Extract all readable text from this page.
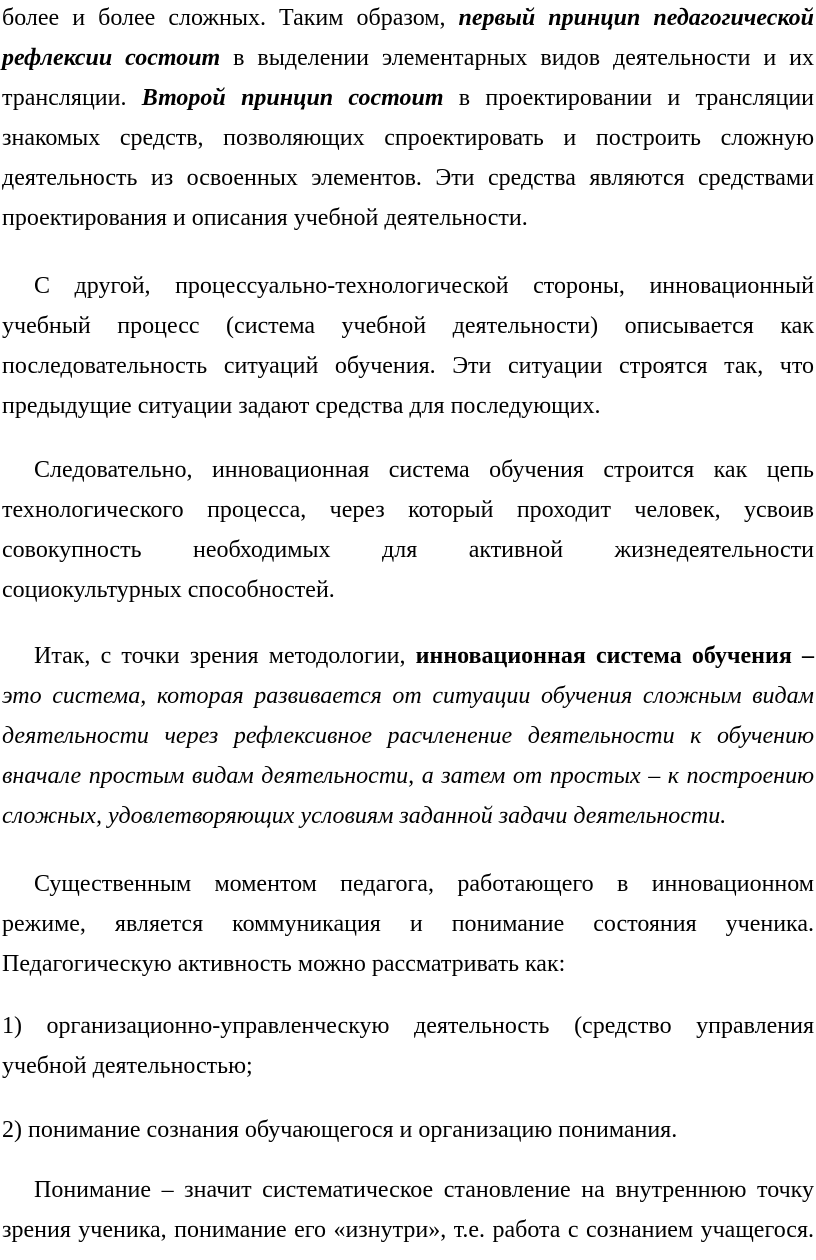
более и более сложных. Таким образом, первый принцип педагогической
рефлексии состоит в выделении элементарных видов деятельности и их
трансляции. Второй принцип состоит в проектировании и трансляции
знакомых средств, позволяющих спроектировать и построить сложную
деятельность из освоенных элементов. Эти средства являются средствами
проектирования и описания учебной деятельности.
С другой, процессуально-технологической стороны, инновационный
учебный процесс (система учебной деятельности) описывается как
последовательность ситуаций обучения. Эти ситуации строятся так, что
предыдущие ситуации задают средства для последующих.
Следовательно, инновационная система обучения строится как цепь
технологического процесса, через который проходит человек, усвоив
совокупность необходимых для активной жизнедеятельности
социокультурных способностей.
Итак, с точки зрения методологии, инновационная система обучения –
это система, которая развивается от ситуации обучения сложным видам
деятельности через рефлексивное расчленение деятельности к обучению
вначале простым видам деятельности, а затем от простых – к построению
сложных, удовлетворяющих условиям заданной задачи деятельности.
Существенным моментом педагога, работающего в инновационном
режиме, является коммуникация и понимание состояния ученика.
Педагогическую активность можно рассматривать как:
1) организационно-управленческую деятельность (средство управления
учебной деятельностью;
2) понимание сознания обучающегося и организацию понимания.
Понимание – значит систематическое становление на внутреннюю точку
зрения ученика, понимание его «изнутри», т.е. работа с сознанием учащегося.
